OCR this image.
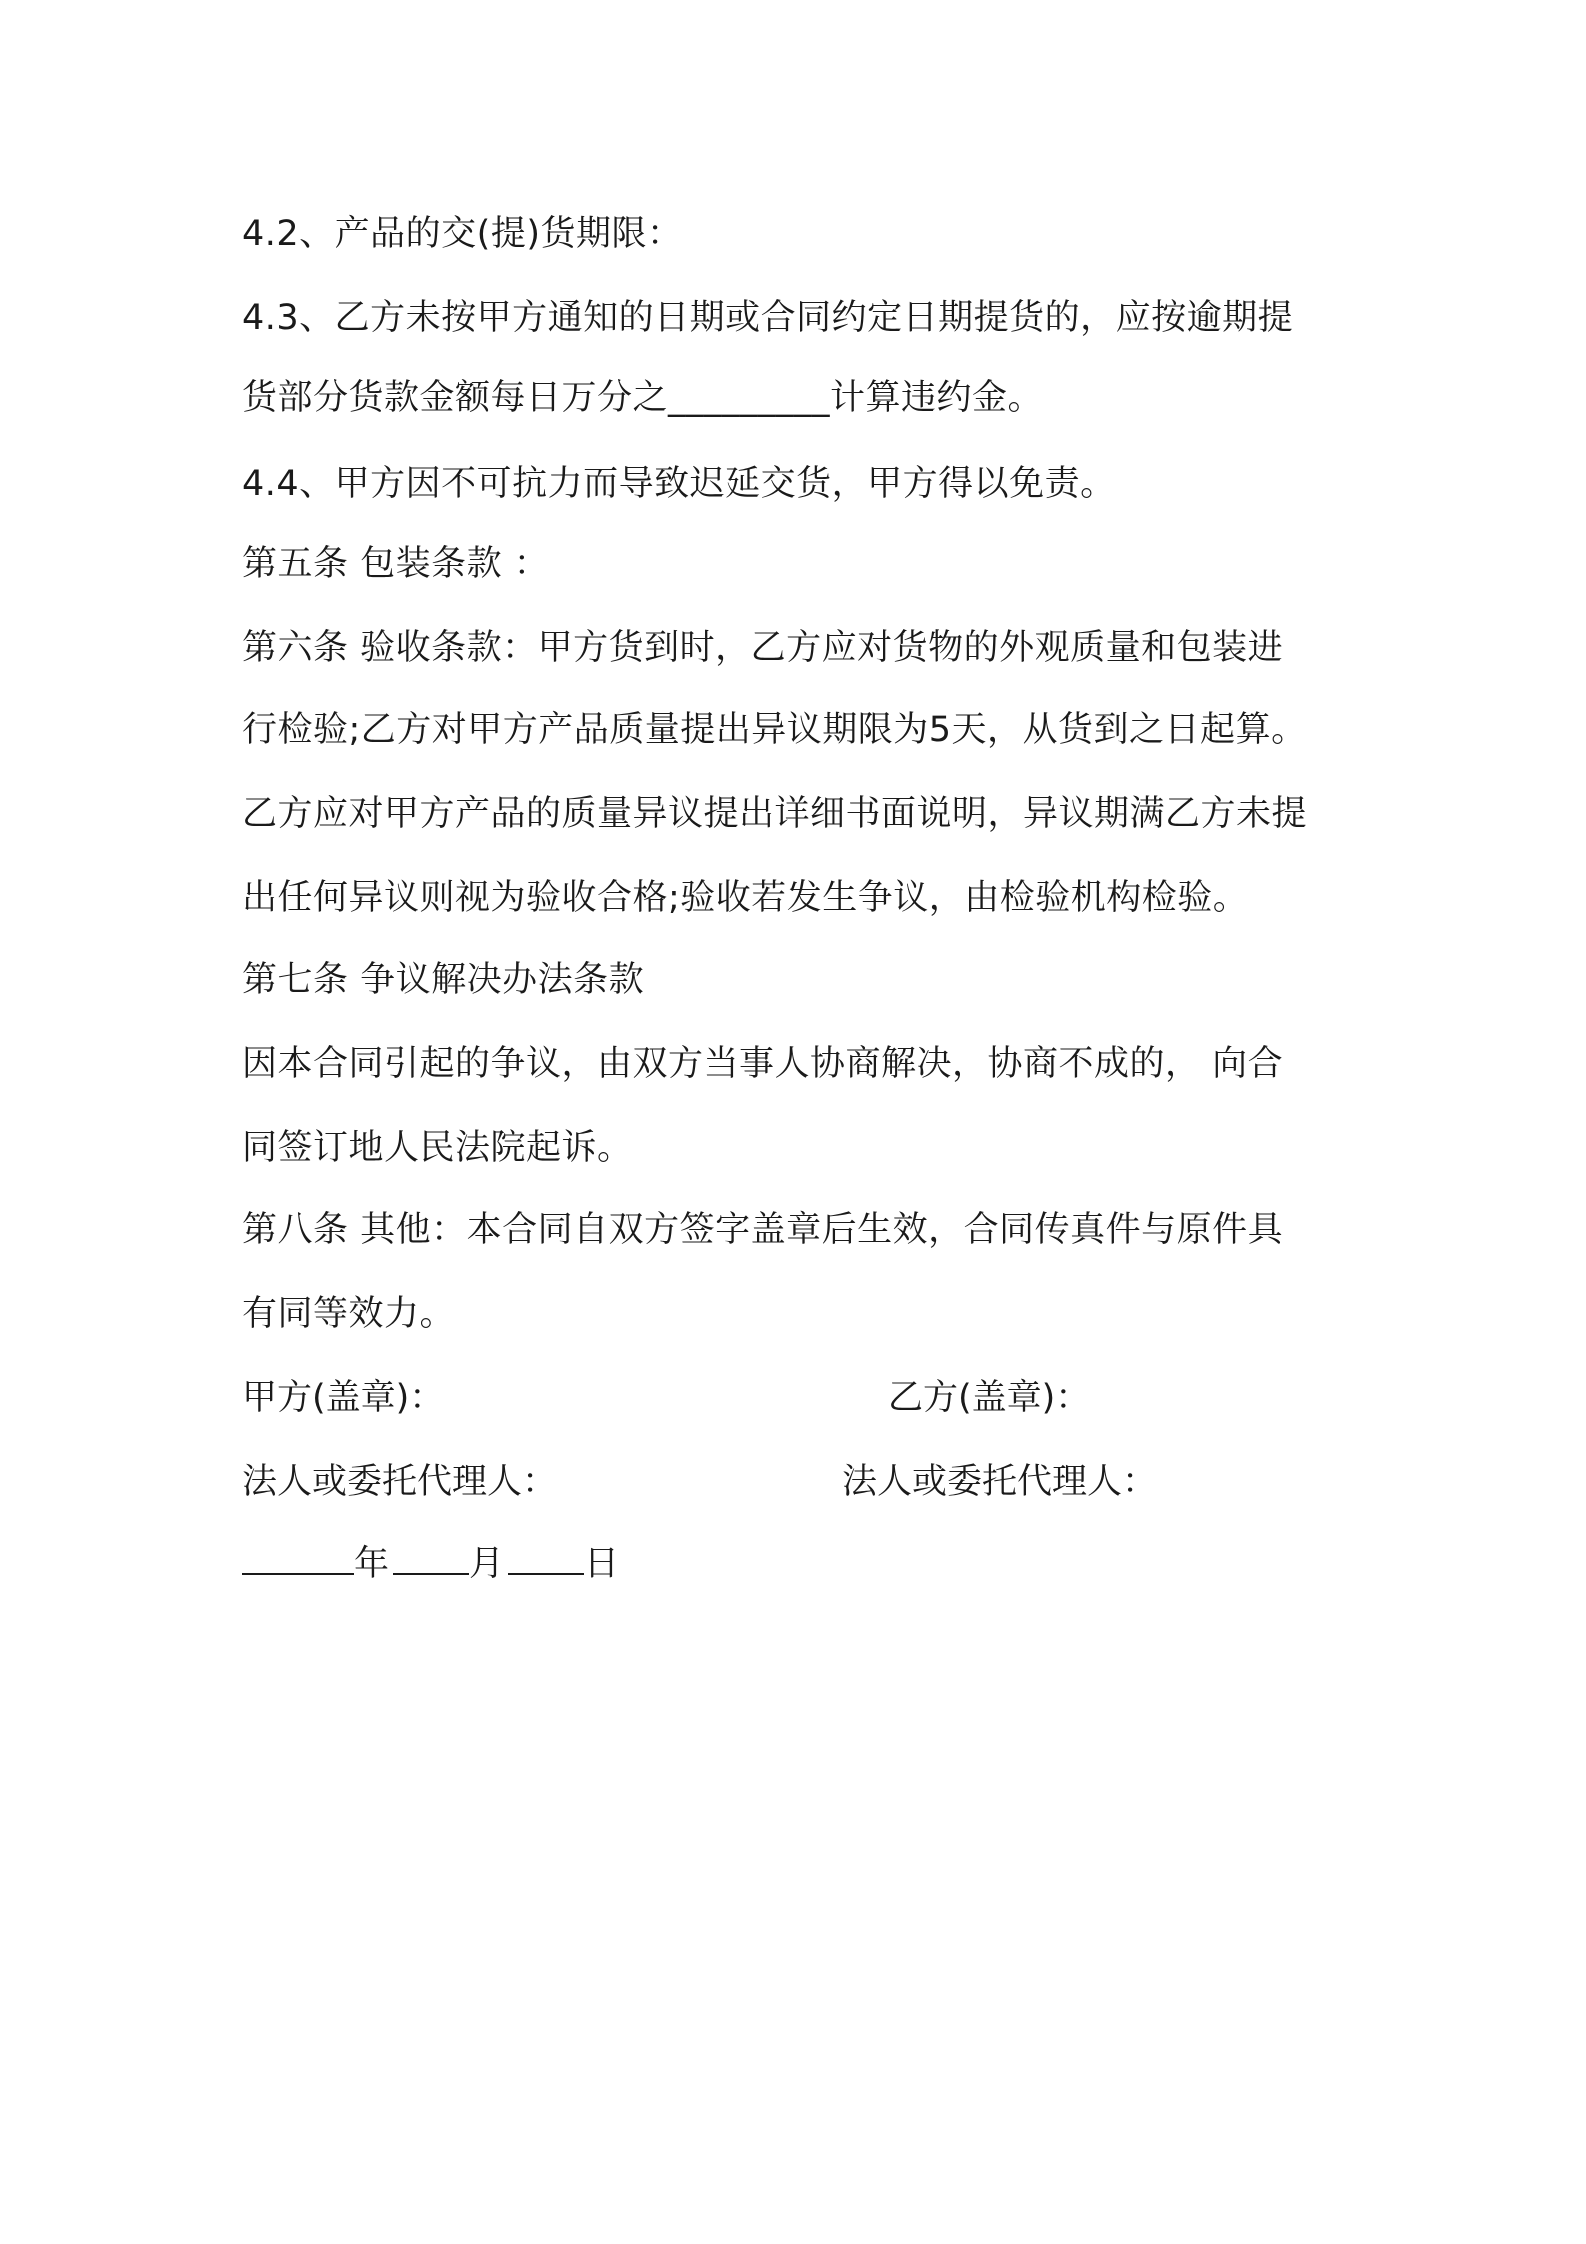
4.2、产品的交(提)货期限：
4.3、乙方未按甲方通知的日期或合同约定日期提货的，应按逾期提
货部分货款金额每日万分之_________计算违约金。
4.4、甲方因不可抗力而导致迟延交货，甲方得以免责。
第五条 包装条款 ：
第六条 验收条款：甲方货到时，乙方应对货物的外观质量和包装进
行检验;乙方对甲方产品质量提出异议期限为5天，从货到之日起算。
乙方应对甲方产品的质量异议提出详细书面说明，异议期满乙方未提
出任何异议则视为验收合格;验收若发生争议，由检验机构检验。
第七条 争议解决办法条款
因本合同引起的争议，由双方当事人协商解决，协商不成的， 向合
同签订地人民法院起诉。
第八条 其他：本合同自双方签字盖章后生效，合同传真件与原件具
有同等效力。
甲方(盖章)：	乙方(盖章)：
法人或委托代理人：	法人或委托代理人：
年 月 日
